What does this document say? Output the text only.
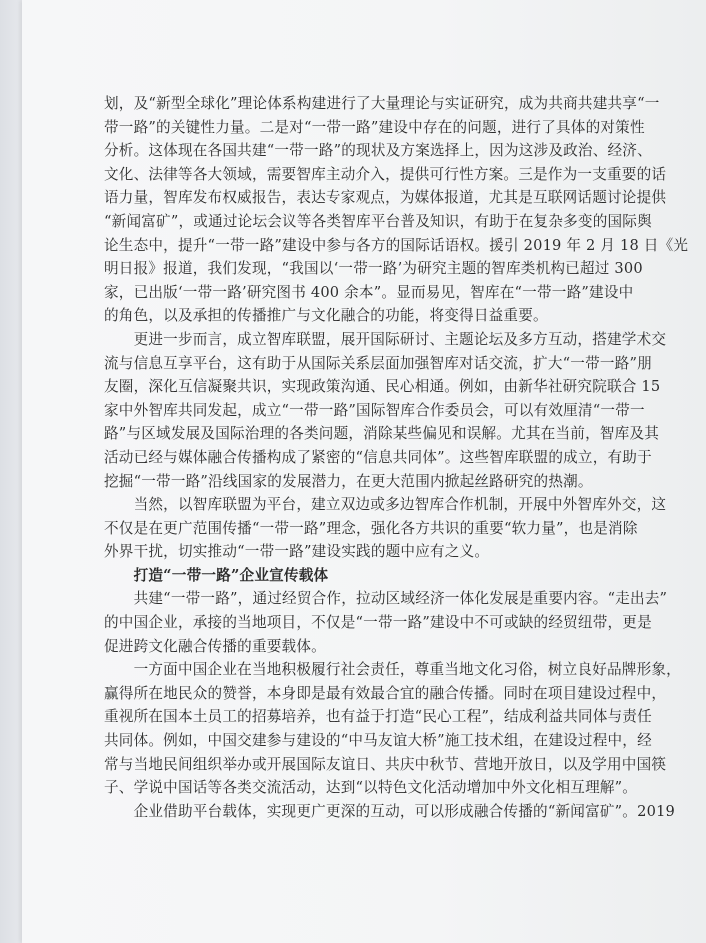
划，及“新型全球化”理论体系构建进行了大量理论与实证研究，成为共商共建共享“一
带一路”的关键性力量。二是对“一带一路”建设中存在的问题，进行了具体的对策性
分析。这体现在各国共建“一带一路”的现状及方案选择上，因为这涉及政治、经济、
文化、法律等各大领域，需要智库主动介入，提供可行性方案。三是作为一支重要的话
语力量，智库发布权威报告，表达专家观点，为媒体报道，尤其是互联网话题讨论提供
“新闻富矿”，或通过论坛会议等各类智库平台普及知识，有助于在复杂多变的国际舆
论生态中，提升“一带一路”建设中参与各方的国际话语权。援引 2019 年 2 月 18 日《光
明日报》报道，我们发现，“我国以‘一带一路’为研究主题的智库类机构已超过 300
家，已出版‘一带一路’研究图书 400 余本”。显而易见，智库在“一带一路”建设中
的角色，以及承担的传播推广与文化融合的功能，将变得日益重要。
　　更进一步而言，成立智库联盟，展开国际研讨、主题论坛及多方互动，搭建学术交
流与信息互享平台，这有助于从国际关系层面加强智库对话交流，扩大“一带一路”朋
友圈，深化互信凝聚共识，实现政策沟通、民心相通。例如，由新华社研究院联合 15
家中外智库共同发起，成立“一带一路”国际智库合作委员会，可以有效厘清“一带一
路”与区域发展及国际治理的各类问题，消除某些偏见和误解。尤其在当前，智库及其
活动已经与媒体融合传播构成了紧密的“信息共同体”。这些智库联盟的成立，有助于
挖掘“一带一路”沿线国家的发展潜力，在更大范围内掀起丝路研究的热潮。
　　当然，以智库联盟为平台，建立双边或多边智库合作机制，开展中外智库外交，这
不仅是在更广范围传播“一带一路”理念，强化各方共识的重要“软力量”，也是消除
外界干扰，切实推动“一带一路”建设实践的题中应有之义。
　　打造“一带一路”企业宣传载体
　　共建“一带一路”，通过经贸合作，拉动区域经济一体化发展是重要内容。“走出去”
的中国企业，承接的当地项目，不仅是“一带一路”建设中不可或缺的经贸纽带，更是
促进跨文化融合传播的重要载体。
　　一方面中国企业在当地积极履行社会责任，尊重当地文化习俗，树立良好品牌形象，
赢得所在地民众的赞誉，本身即是最有效最合宜的融合传播。同时在项目建设过程中，
重视所在国本土员工的招募培养，也有益于打造“民心工程”，结成利益共同体与责任
共同体。例如，中国交建参与建设的“中马友谊大桥”施工技术组，在建设过程中，经
常与当地民间组织举办或开展国际友谊日、共庆中秋节、营地开放日，以及学用中国筷
子、学说中国话等各类交流活动，达到“以特色文化活动增加中外文化相互理解”。
　　企业借助平台载体，实现更广更深的互动，可以形成融合传播的“新闻富矿”。2019
